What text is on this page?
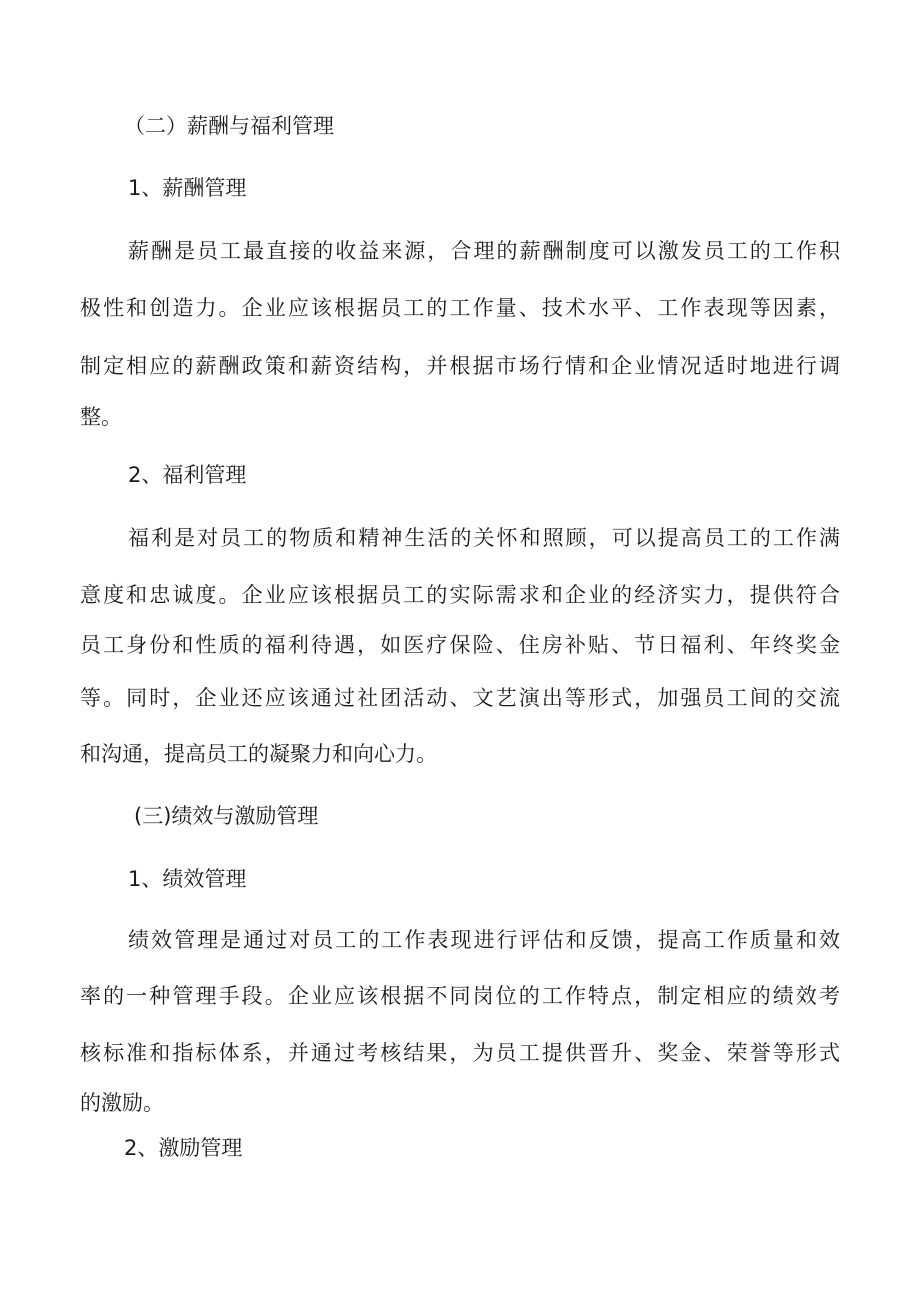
（二）薪酬与福利管理
1、薪酬管理
薪酬是员工最直接的收益来源，合理的薪酬制度可以激发员工的工作积
极性和创造力。企业应该根据员工的工作量、技术水平、工作表现等因素，
制定相应的薪酬政策和薪资结构，并根据市场行情和企业情况适时地进行调
整。
2、福利管理
福利是对员工的物质和精神生活的关怀和照顾，可以提高员工的工作满
意度和忠诚度。企业应该根据员工的实际需求和企业的经济实力，提供符合
员工身份和性质的福利待遇，如医疗保险、住房补贴、节日福利、年终奖金
等。同时，企业还应该通过社团活动、文艺演出等形式，加强员工间的交流
和沟通，提高员工的凝聚力和向心力。
(三)绩效与激励管理
1、绩效管理
绩效管理是通过对员工的工作表现进行评估和反馈，提高工作质量和效
率的一种管理手段。企业应该根据不同岗位的工作特点，制定相应的绩效考
核标准和指标体系，并通过考核结果，为员工提供晋升、奖金、荣誉等形式
的激励。
2、激励管理
